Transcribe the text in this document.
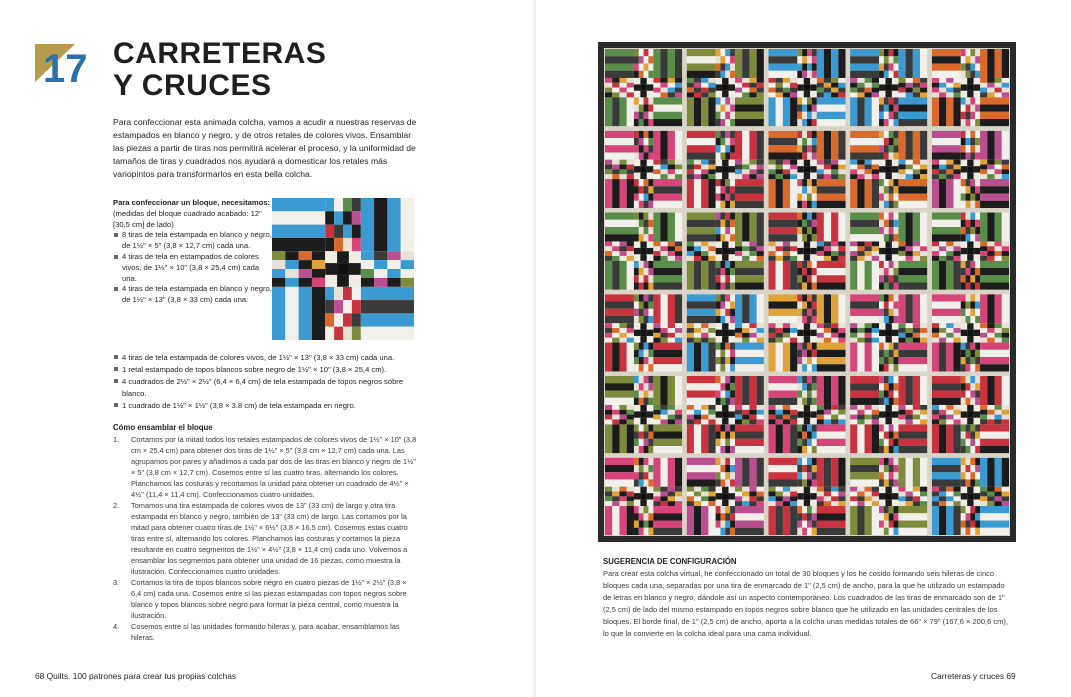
17 CARRETERAS
Y CRUCES
Para confeccionar esta animada colcha, vamos a acudir a nuestras reservas de estampados en blanco y negro, y de otros retales de colores vivos. Ensamblar las piezas a partir de tiras nos permitirá acelerar el proceso, y la uniformidad de tamaños de tiras y cuadrados nos ayudará a domesticar los retales más variopintos para transformarlos en esta bella colcha.
Para confeccionar un bloque, necesitamos:
(medidas del bloque cuadrado acabado: 12" [30,5 cm] de lado)
8 tiras de tela estampada en blanco y negro, de 1½" × 5" (3,8 × 12,7 cm) cada una.
4 tiras de tela en estampados de colores vivos, de 1½" × 10" (3,8 × 25,4 cm) cada una.
4 tiras de tela estampada en blanco y negro, de 1½" × 13" (3,8 × 33 cm) cada una.
4 tiras de tela estampada de colores vivos, de 1½" × 13" (3,8 × 33 cm) cada una.
1 retal estampado de topos blancos sobre negro de 1½" × 10" (3,8 × 25,4 cm).
4 cuadrados de 2½" × 2½" (6,4 × 6,4 cm) de tela estampada de topos negros sobre blanco.
1 cuadrado de 1½" × 1½" (3,8 × 3.8 cm) de tela estampada en negro.
Cómo ensamblar el bloque
1. Cortamos por la mitad todos los retales estampados de colores vivos de 1½" × 10" (3,8 cm × 25.4 cm) para obtener dos tiras de 1½" × 5" (3,8 cm × 12,7 cm) cada una. Las agrupamos por pares y añadimos a cada par dos de las tiras en blanco y negro de 1½" × 5" (3,8 cm × 12,7 cm). Cosemos entre sí las cuatro tiras, alternando los colores. Planchamos las costuras y recortamos la unidad para obtener un cuadrado de 4½" × 4½" (11,4 × 11,4 cm). Confeccionamos cuatro unidades.
2. Tomamos una tira estampada de colores vivos de 13" (33 cm) de largo y otra tira estampada en blanco y negro, también de 13" (33 cm) de largo. Las cortamos por la mitad para obtener cuatro tiras de 1½" × 6½" (3,8 × 16,5 cm). Cosemos estas cuatro tiras entre sí, alternando los colores. Planchamos las costuras y cortamos la pieza resultante en cuatro segmentos de 1½" × 4½" (3,8 × 11,4 cm) cada uno. Volvemos a ensamblar los segmentos para obtener una unidad de 16 piezas, como muestra la ilustración. Confeccionamos cuatro unidades.
3. Cortamos la tira de topos blancos sobre negro en cuatro piezas de 1½" × 2½" (3,8 × 6,4 cm) cada una. Cosemos entre sí las piezas estampadas con topos negros sobre blanco y topos blancos sobre negro para formar la pieza central, como muestra la ilustración.
4. Cosemos entre sí las unidades formando hileras y, para acabar, ensamblamos las hileras.
68 Quilts. 100 patrones para crear tus propias colchas
SUGERENCIA DE CONFIGURACIÓN
Para crear esta colcha virtual, he confeccionado un total de 30 bloques y los he cosido formando seis hileras de cinco bloques cada una, separadas por una tira de enmarcado de 1" (2,5 cm) de ancho, para la que he utilizado un estampado de letras en blanco y negro, dándole así un aspecto contemporáneo. Los cuadrados de las tiras de enmarcado son de 1" (2,5 cm) de lado del mismo estampado en topos negros sobre blanco que he utilizado en las unidades centrales de los bloques. El borde final, de 1" (2,5 cm) de ancho, aporta a la colcha unas medidas totales de 66" × 79" (167,6 × 200,6 cm), lo que la convierte en la colcha ideal para una cama individual.
Carreteras y cruces 69
